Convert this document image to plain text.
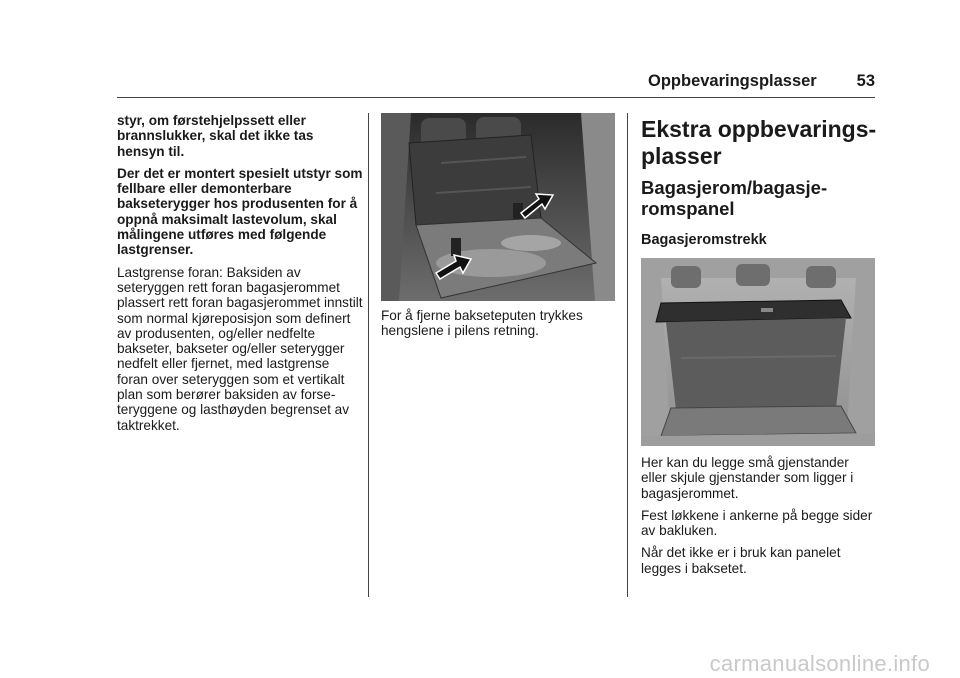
Oppbevaringsplasser 53

styr, om førstehjelpssett eller brannslukker, skal det ikke tas hensyn til.

Der det er montert spesielt utstyr som fellbare eller demonterbare bakseterygger hos produsenten for å oppnå maksimalt lastevolum, skal målingene utføres med følgende lastgrenser.

Lastgrense foran: Baksiden av seteryggen rett foran bagasjerommet plassert rett foran bagasjerommet innstilt som normal kjøreposisjon som definert av produsenten, og/eller nedfelte bakseter, bakseter og/eller seterygger nedfelt eller fjernet, med lastgrense foran over seteryggen som et vertikalt plan som berører baksiden av forseteryggene og lasthøyden begrenset av taktrekket.

For å fjerne bakseteputen trykkes hengslene i pilens retning.

Ekstra oppbevaringsplasser
Bagasjerom/bagasjeromspanel
Bagasjeromstrekk

Her kan du legge små gjenstander eller skjule gjenstander som ligger i bagasjerommet.

Fest løkkene i ankerne på begge sider av bakluken.

Når det ikke er i bruk kan panelet legges i baksetet.

carmanualsonline.info
